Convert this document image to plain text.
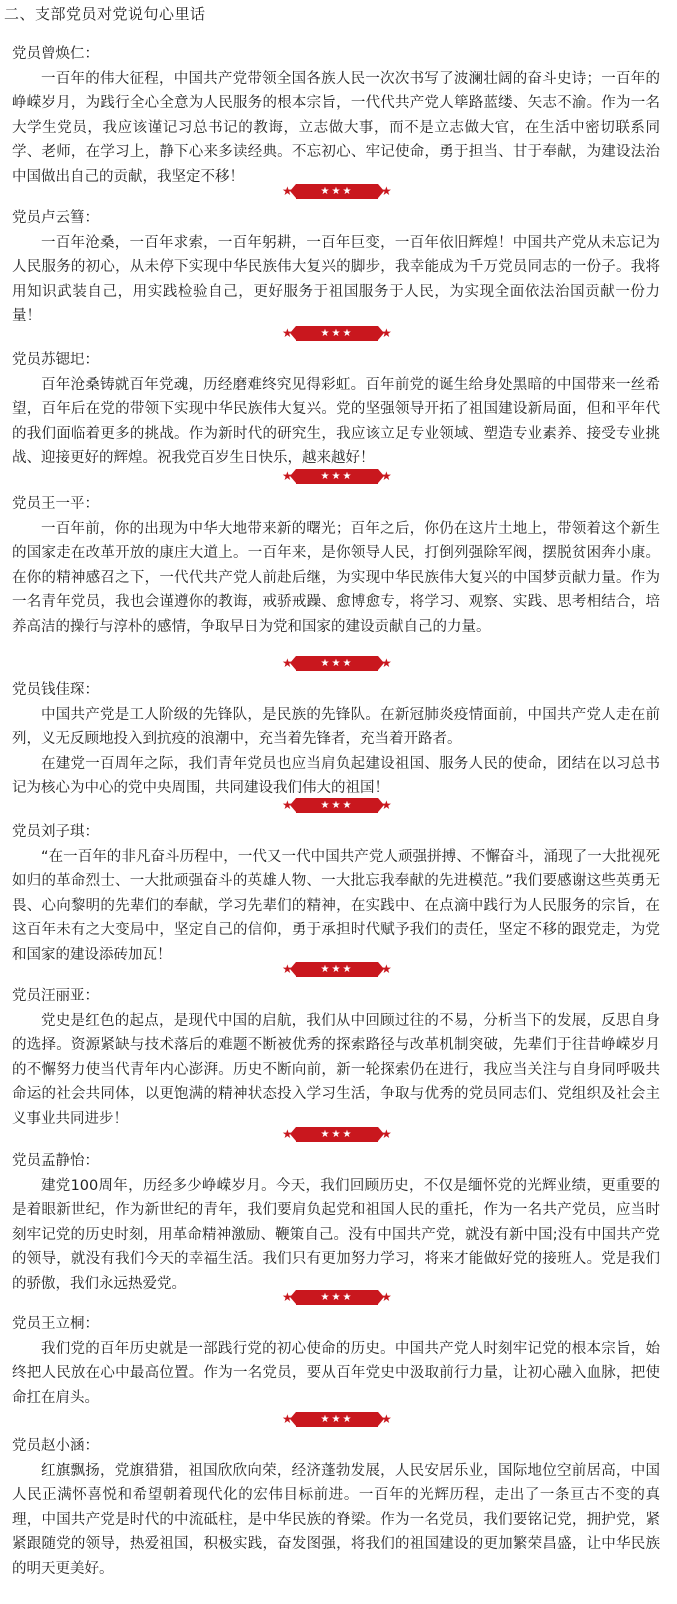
二、支部党员对党说句心里话
党员曾焕仁：
一百年的伟大征程，中国共产党带领全国各族人民一次次书写了波澜壮阔的奋斗史诗；一百年的峥嵘岁月，为践行全心全意为人民服务的根本宗旨，一代代共产党人筚路蓝缕、矢志不渝。作为一名大学生党员，我应该谨记习总书记的教诲，立志做大事，而不是立志做大官，在生活中密切联系同学、老师，在学习上，静下心来多读经典。不忘初心、牢记使命，勇于担当、甘于奉献，为建设法治中国做出自己的贡献，我坚定不移！
★	★★★	★
党员卢云篲：
一百年沧桑，一百年求索，一百年躬耕，一百年巨变，一百年依旧辉煌！中国共产党从未忘记为人民服务的初心，从未停下实现中华民族伟大复兴的脚步，我幸能成为千万党员同志的一份子。我将用知识武装自己，用实践检验自己，更好服务于祖国服务于人民，为实现全面依法治国贡献一份力量！
★	★★★	★
党员苏锶圯：
百年沧桑铸就百年党魂，历经磨难终究见得彩虹。百年前党的诞生给身处黑暗的中国带来一丝希望，百年后在党的带领下实现中华民族伟大复兴。党的坚强领导开拓了祖国建设新局面，但和平年代的我们面临着更多的挑战。作为新时代的研究生，我应该立足专业领域、塑造专业素养、接受专业挑战、迎接更好的辉煌。祝我党百岁生日快乐，越来越好！
★	★★★	★
党员王一平：
一百年前，你的出现为中华大地带来新的曙光；百年之后，你仍在这片土地上，带领着这个新生的国家走在改革开放的康庄大道上。一百年来，是你领导人民，打倒列强除军阀，摆脱贫困奔小康。在你的精神感召之下，一代代共产党人前赴后继，为实现中华民族伟大复兴的中国梦贡献力量。作为一名青年党员，我也会谨遵你的教诲，戒骄戒躁、愈博愈专，将学习、观察、实践、思考相结合，培养高洁的操行与淳朴的感情，争取早日为党和国家的建设贡献自己的力量。
★	★★★	★
党员钱佳琛：
中国共产党是工人阶级的先锋队，是民族的先锋队。在新冠肺炎疫情面前，中国共产党人走在前列，义无反顾地投入到抗疫的浪潮中，充当着先锋者，充当着开路者。
在建党一百周年之际，我们青年党员也应当肩负起建设祖国、服务人民的使命，团结在以习总书记为核心为中心的党中央周围，共同建设我们伟大的祖国！
★	★★★	★
党员刘子琪：
“在一百年的非凡奋斗历程中，一代又一代中国共产党人顽强拼搏、不懈奋斗，涌现了一大批视死如归的革命烈士、一大批顽强奋斗的英雄人物、一大批忘我奉献的先进模范。”我们要感谢这些英勇无畏、心向黎明的先辈们的奉献，学习先辈们的精神，在实践中、在点滴中践行为人民服务的宗旨，在这百年未有之大变局中，坚定自己的信仰，勇于承担时代赋予我们的责任，坚定不移的跟党走，为党和国家的建设添砖加瓦！
★	★★★	★
党员汪丽亚：
党史是红色的起点，是现代中国的启航，我们从中回顾过往的不易，分析当下的发展，反思自身的选择。资源紧缺与技术落后的难题不断被优秀的探索路径与改革机制突破，先辈们于往昔峥嵘岁月的不懈努力使当代青年内心澎湃。历史不断向前，新一轮探索仍在进行，我应当关注与自身同呼吸共命运的社会共同体，以更饱满的精神状态投入学习生活，争取与优秀的党员同志们、党组织及社会主义事业共同进步！
★	★★★	★
党员孟静怡：
建党100周年，历经多少峥嵘岁月。今天，我们回顾历史，不仅是缅怀党的光辉业绩，更重要的是着眼新世纪，作为新世纪的青年，我们要肩负起党和祖国人民的重托，作为一名共产党员，应当时刻牢记党的历史时刻，用革命精神激励、鞭策自己。没有中国共产党，就没有新中国;没有中国共产党的领导，就没有我们今天的幸福生活。我们只有更加努力学习，将来才能做好党的接班人。党是我们的骄傲，我们永远热爱党。
★	★★★	★
党员王立桐：
我们党的百年历史就是一部践行党的初心使命的历史。中国共产党人时刻牢记党的根本宗旨，始终把人民放在心中最高位置。作为一名党员，要从百年党史中汲取前行力量，让初心融入血脉，把使命扛在肩头。
★	★★★	★
党员赵小涵：
红旗飘扬，党旗猎猎，祖国欣欣向荣，经济蓬勃发展，人民安居乐业，国际地位空前居高，中国人民正满怀喜悦和希望朝着现代化的宏伟目标前进。一百年的光辉历程，走出了一条亘古不变的真理，中国共产党是时代的中流砥柱，是中华民族的脊梁。作为一名党员，我们要铭记党，拥护党，紧紧跟随党的领导，热爱祖国，积极实践，奋发图强，将我们的祖国建设的更加繁荣昌盛，让中华民族的明天更美好。
